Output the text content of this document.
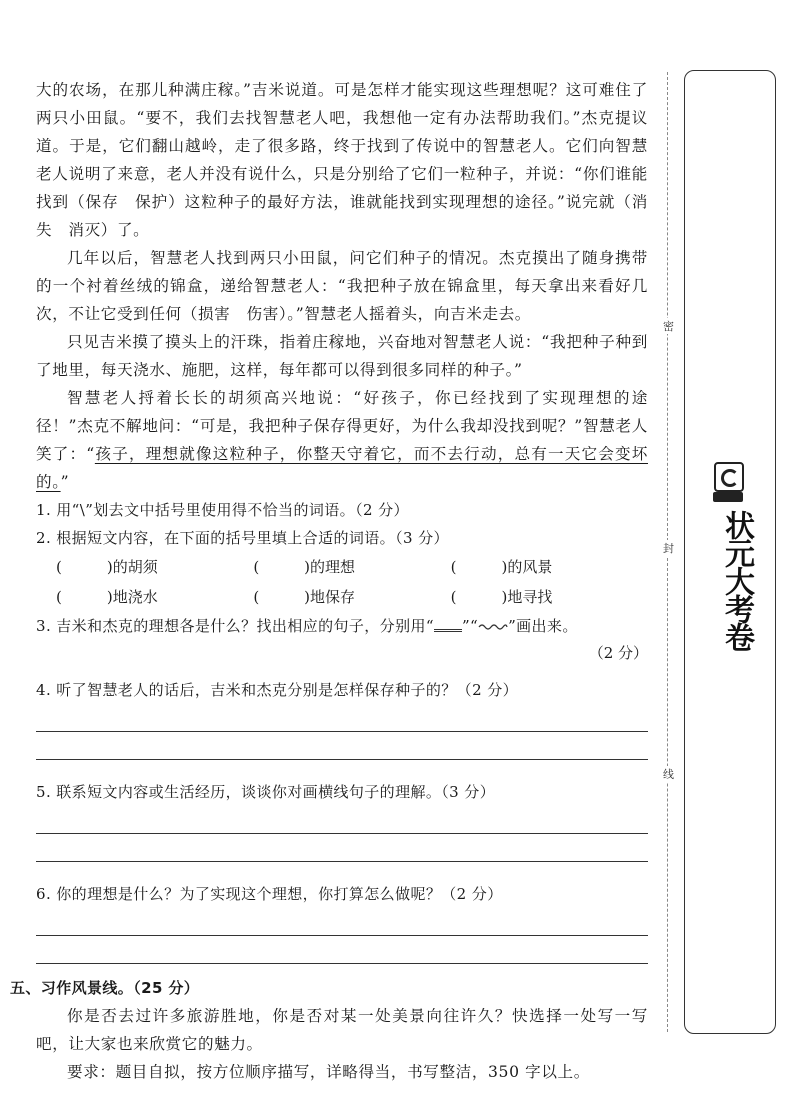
大的农场，在那儿种满庄稼。”吉米说道。可是怎样才能实现这些理想呢？这可难住了两只小田鼠。“要不，我们去找智慧老人吧，我想他一定有办法帮助我们。”杰克提议道。于是，它们翻山越岭，走了很多路，终于找到了传说中的智慧老人。它们向智慧老人说明了来意，老人并没有说什么，只是分别给了它们一粒种子，并说：“你们谁能找到（保存　保护）这粒种子的最好方法，谁就能找到实现理想的途径。”说完就（消失　消灭）了。

几年以后，智慧老人找到两只小田鼠，问它们种子的情况。杰克摸出了随身携带的一个衬着丝绒的锦盒，递给智慧老人：“我把种子放在锦盒里，每天拿出来看好几次，不让它受到任何（损害　伤害）。”智慧老人摇着头，向吉米走去。

只见吉米摸了摸头上的汗珠，指着庄稼地，兴奋地对智慧老人说：“我把种子种到了地里，每天浇水、施肥，这样，每年都可以得到很多同样的种子。”

智慧老人捋着长长的胡须高兴地说：“好孩子，你已经找到了实现理想的途径！”杰克不解地问：“可是，我把种子保存得更好，为什么我却没找到呢？”智慧老人笑了：“孩子，理想就像这粒种子，你整天守着它，而不去行动，总有一天它会变坏的。”

1. 用“\”划去文中括号里使用得不恰当的词语。（2 分）

2. 根据短文内容，在下面的括号里填上合适的词语。（3 分）

(　　　)的胡须	(　　　)的理想	(　　　)的风景
(　　　)地浇水	(　　　)地保存	(　　　)地寻找

3. 吉米和杰克的理想各是什么？找出相应的句子，分别用“ ”“ ”画出来。

（2 分）

4. 听了智慧老人的话后，吉米和杰克分别是怎样保存种子的？（2 分）

5. 联系短文内容或生活经历，谈谈你对画横线句子的理解。（3 分）

6. 你的理想是什么？为了实现这个理想，你打算怎么做呢？（2 分）

五、习作风景线。（25 分）

你是否去过许多旅游胜地，你是否对某一处美景向往许久？快选择一处写一写吧，让大家也来欣赏它的魅力。

要求：题目自拟，按方位顺序描写，详略得当，书写整洁，350 字以上。

密
封
线
状元大考卷
